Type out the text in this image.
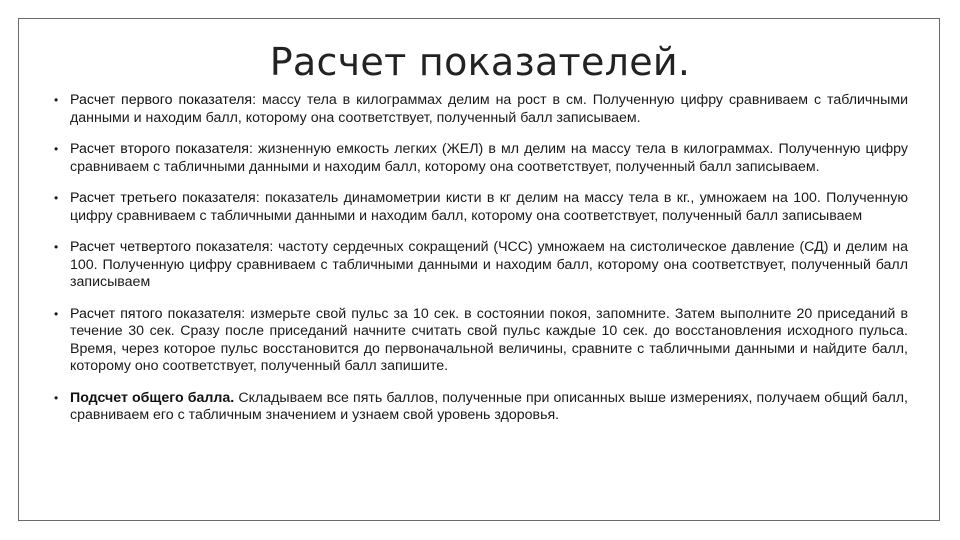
Расчет показателей.
• Расчет первого показателя: массу тела в килограммах делим на рост в см. Полученную цифру сравниваем с табличными данными и находим балл, которому она соответствует, полученный балл записываем.
• Расчет второго показателя: жизненную емкость легких (ЖЕЛ) в мл делим на массу тела в килограммах. Полученную цифру сравниваем с табличными данными и находим балл, которому она соответствует, полученный балл записываем.
• Расчет третьего показателя: показатель динамометрии кисти в кг делим на массу тела в кг., умножаем на 100. Полученную цифру сравниваем с табличными данными и находим балл, которому она соответствует, полученный балл записываем
• Расчет четвертого показателя: частоту сердечных сокращений (ЧСС) умножаем на систолическое давление (СД) и делим на 100. Полученную цифру сравниваем с табличными данными и находим балл, которому она соответствует, полученный балл записываем
• Расчет пятого показателя: измерьте свой пульс за 10 сек. в состоянии покоя, запомните. Затем выполните 20 приседаний в течение 30 сек. Сразу после приседаний начните считать свой пульс каждые 10 сек. до восстановления исходного пульса. Время, через которое пульс восстановится до первоначальной величины, сравните с табличными данными и найдите балл, которому оно соответствует, полученный балл запишите.
• Подсчет общего балла. Складываем все пять баллов, полученные при описанных выше измерениях, получаем общий балл, сравниваем его с табличным значением и узнаем свой уровень здоровья.
